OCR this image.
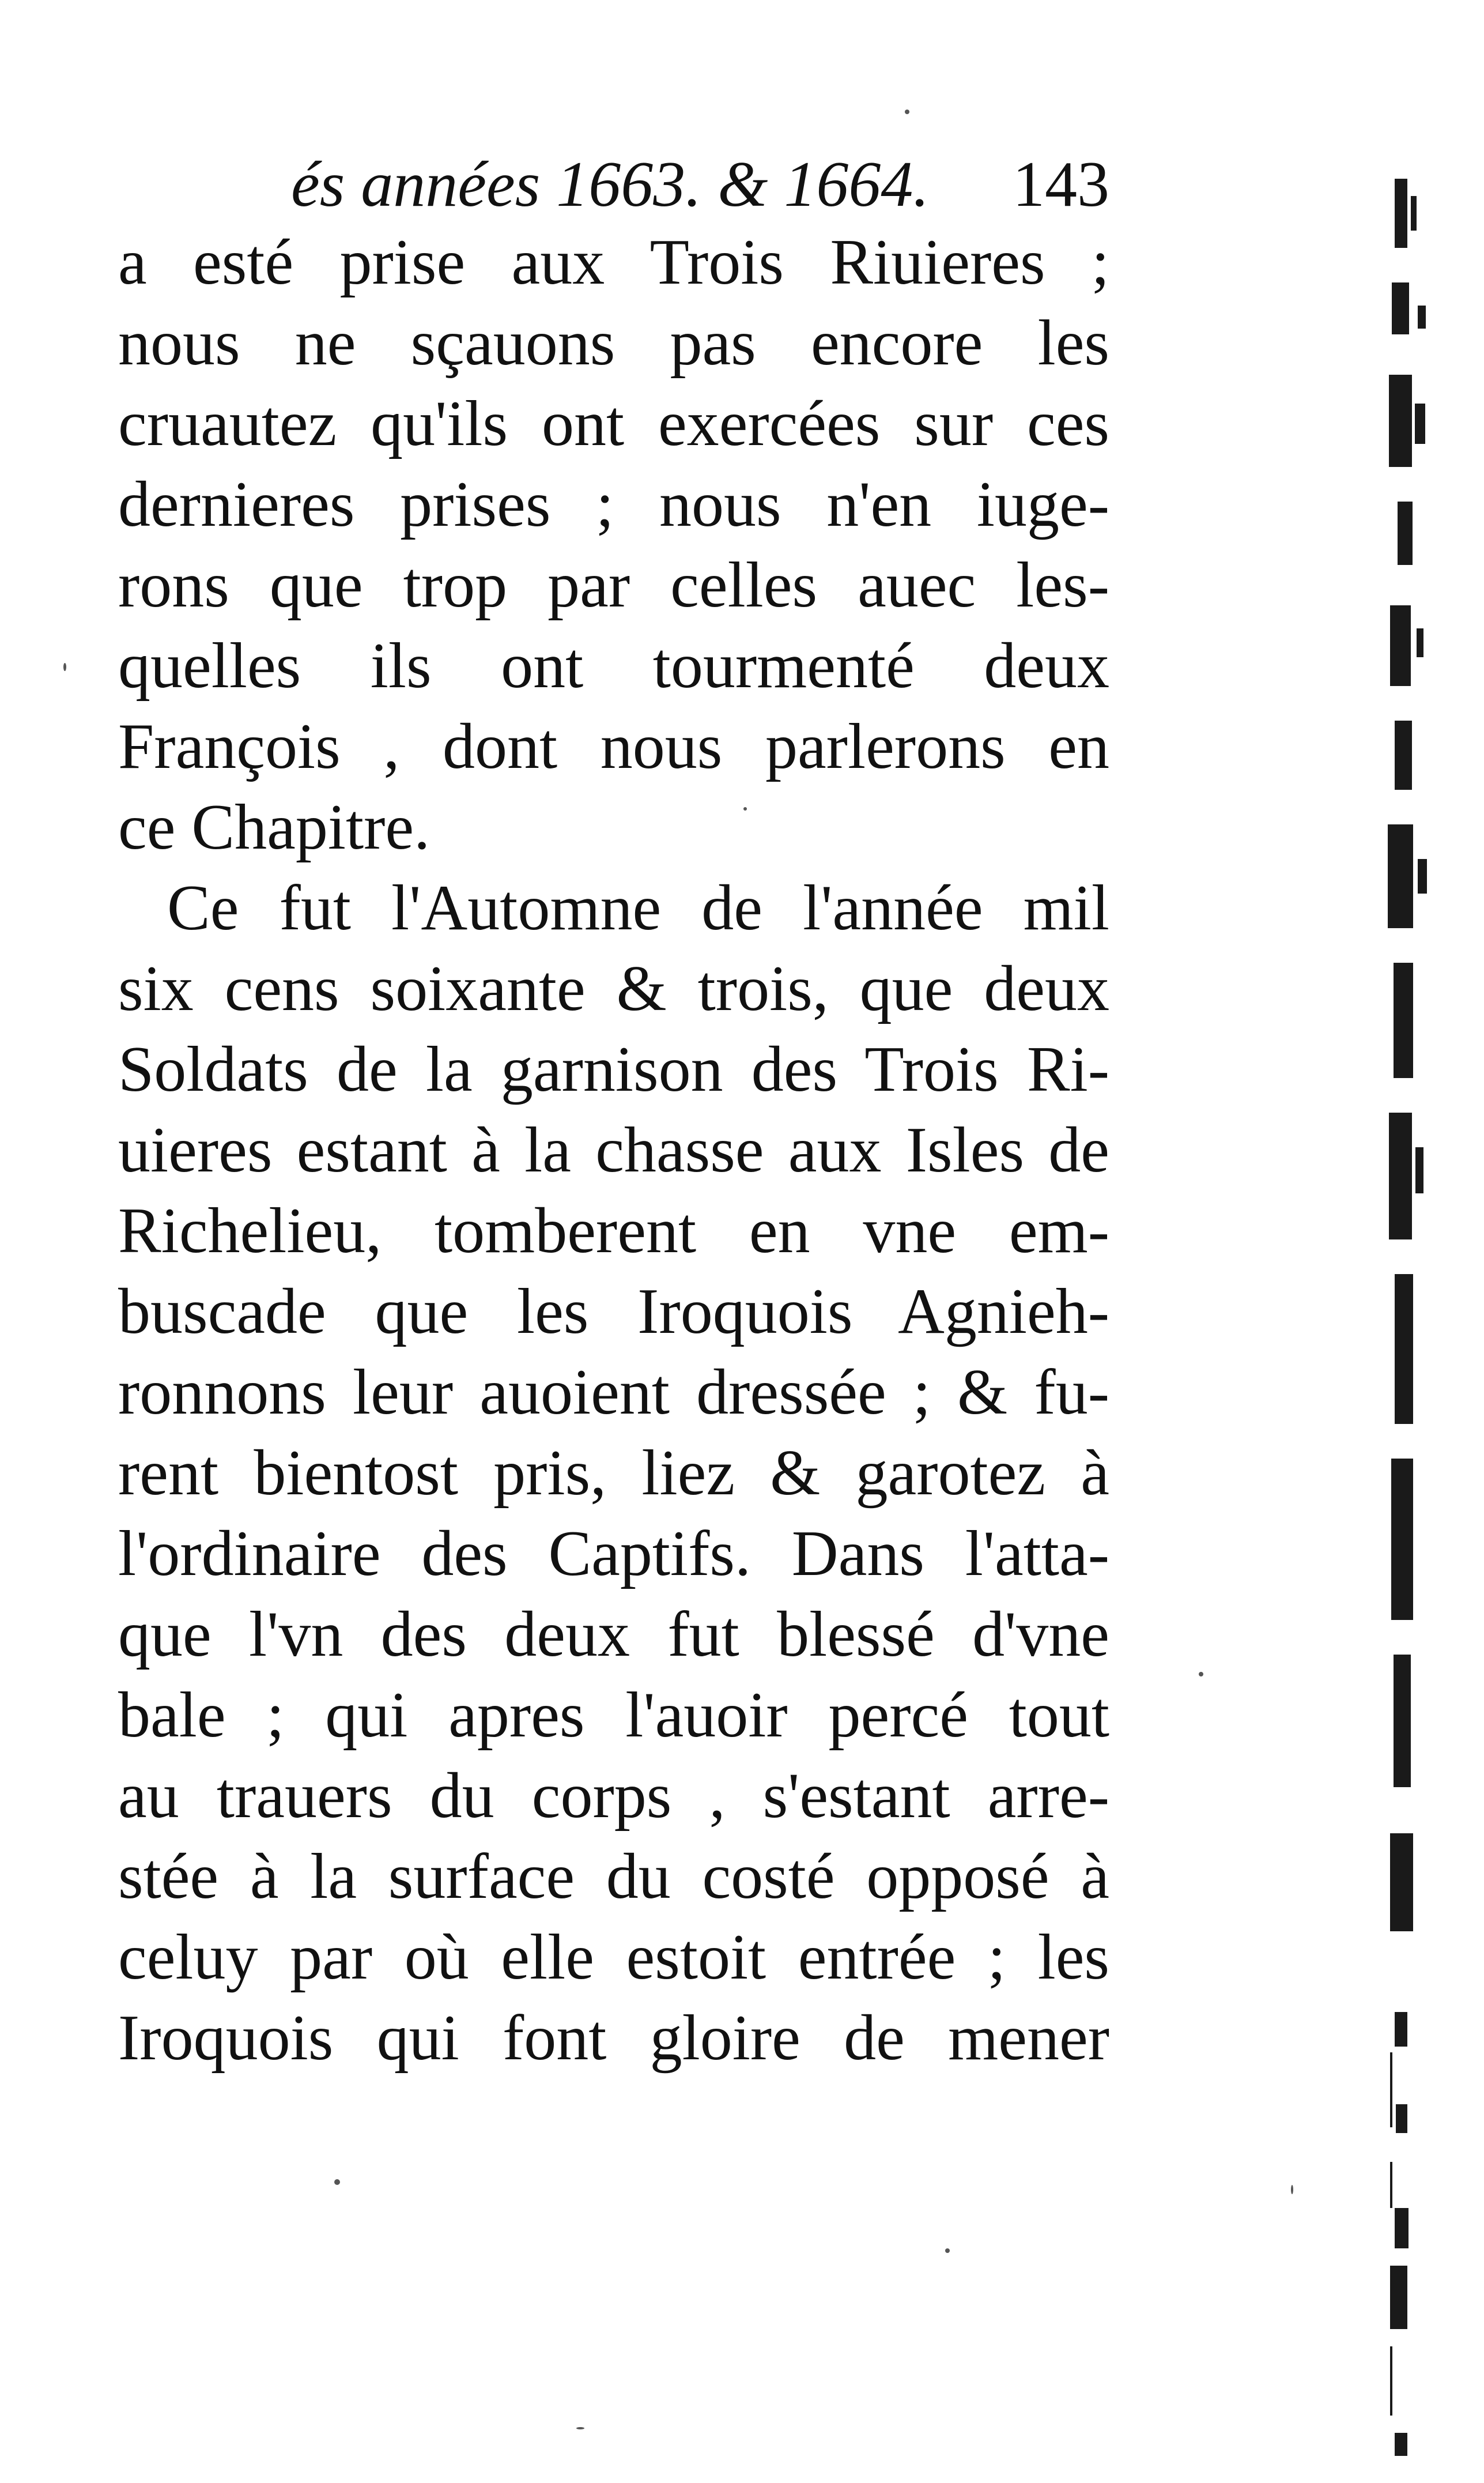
és années 1663. & 1664. 143
a esté prise aux Trois Riuieres ;
nous ne sçauons pas encore les
cruautez qu'ils ont exercées sur ces
dernieres prises ; nous n'en iuge-
rons que trop par celles auec les-
quelles ils ont tourmenté deux
François , dont nous parlerons en
ce Chapitre.
Ce fut l'Automne de l'année mil
six cens soixante & trois, que deux
Soldats de la garnison des Trois Ri-
uieres estant à la chasse aux Isles de
Richelieu, tomberent en vne em-
buscade que les Iroquois Agnieh-
ronnons leur auoient dressée ; & fu-
rent bientost pris, liez & garotez à
l'ordinaire des Captifs. Dans l'atta-
que l'vn des deux fut blessé d'vne
bale ; qui apres l'auoir percé tout
au trauers du corps , s'estant arre-
stée à la surface du costé opposé à
celuy par où elle estoit entrée ; les
Iroquois qui font gloire de mener
